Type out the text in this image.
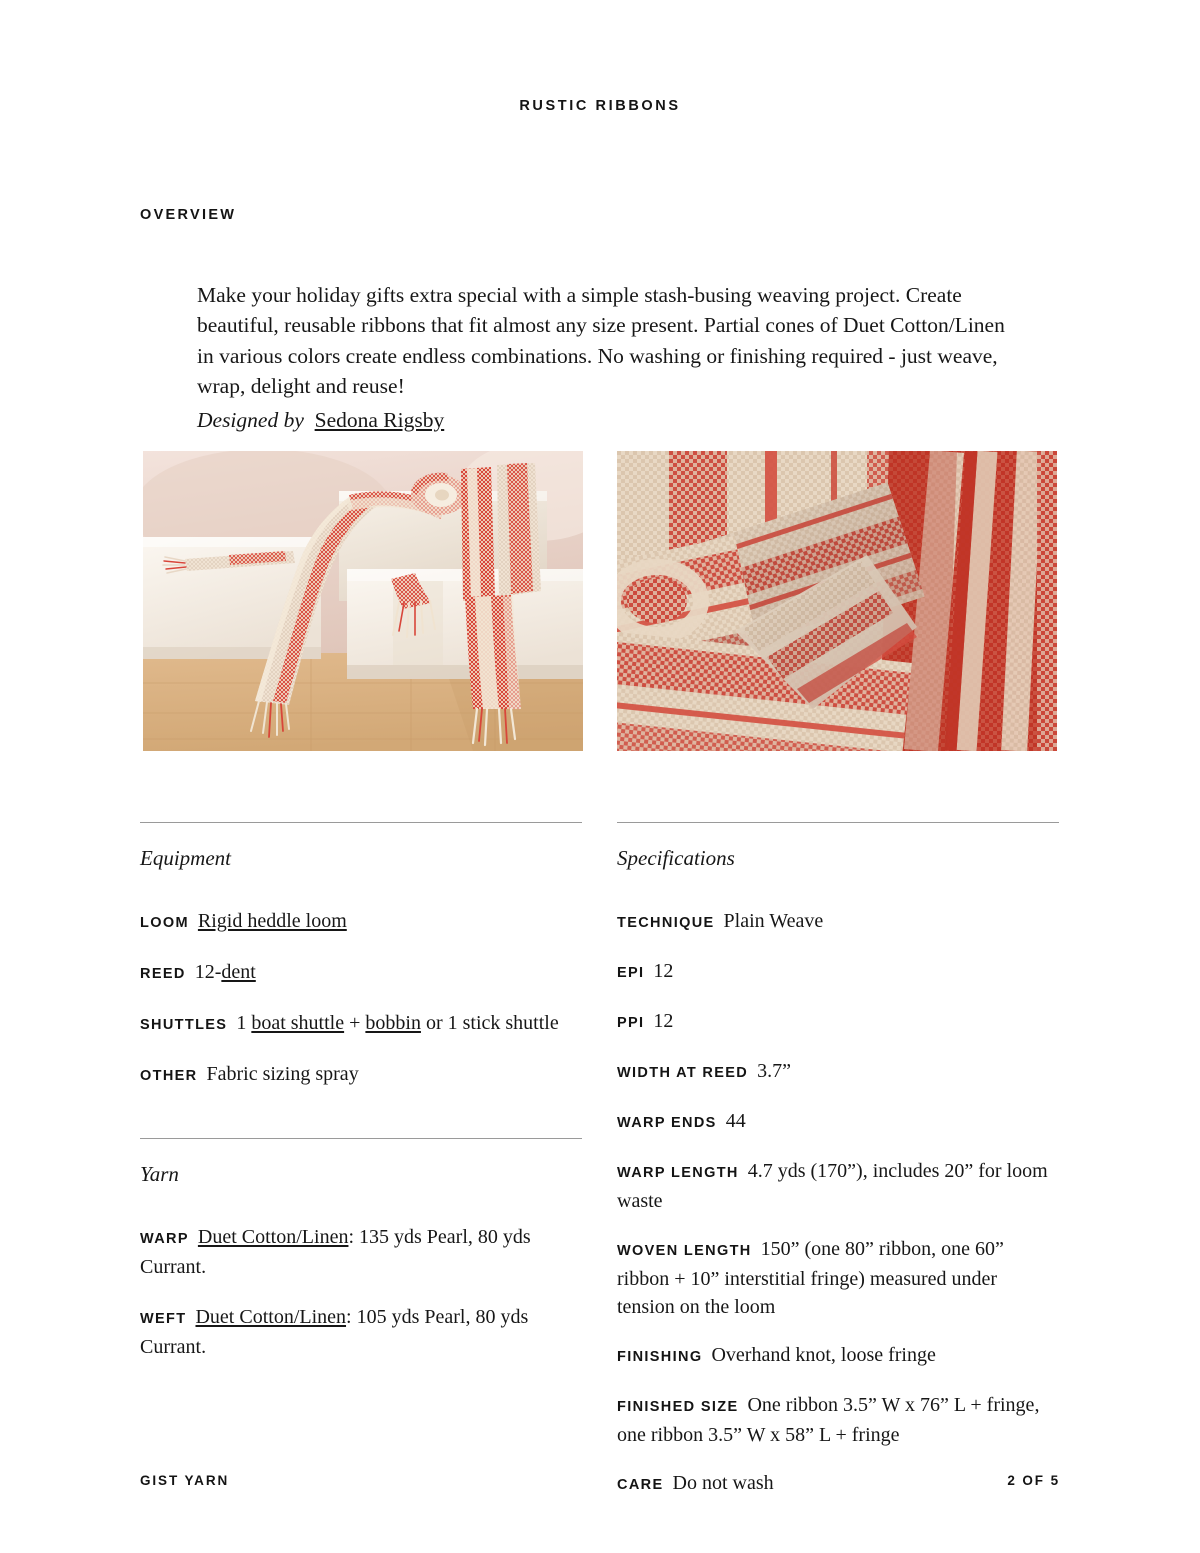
RUSTIC RIBBONS
OVERVIEW

Make your holiday gifts extra special with a simple stash-busing weaving project. Create beautiful, reusable ribbons that fit almost any size present. Partial cones of Duet Cotton/Linen in various colors create endless combinations. No washing or finishing required - just weave, wrap, delight and reuse!

Designed by Sedona Rigsby

Equipment

LOOM Rigid heddle loom

REED 12-dent

SHUTTLES 1 boat shuttle + bobbin or 1 stick shuttle

OTHER Fabric sizing spray

Yarn

WARP Duet Cotton/Linen: 135 yds Pearl, 80 yds Currant.

WEFT Duet Cotton/Linen: 105 yds Pearl, 80 yds Currant.

Specifications

TECHNIQUE Plain Weave

EPI 12

PPI 12

WIDTH AT REED 3.7”

WARP ENDS 44

WARP LENGTH 4.7 yds (170”), includes 20” for loom waste

WOVEN LENGTH 150” (one 80” ribbon, one 60” ribbon + 10” interstitial fringe) measured under tension on the loom

FINISHING Overhand knot, loose fringe

FINISHED SIZE One ribbon 3.5” W x 76” L + fringe, one ribbon 3.5” W x 58” L + fringe

CARE Do not wash

GIST YARN	2 OF 5
